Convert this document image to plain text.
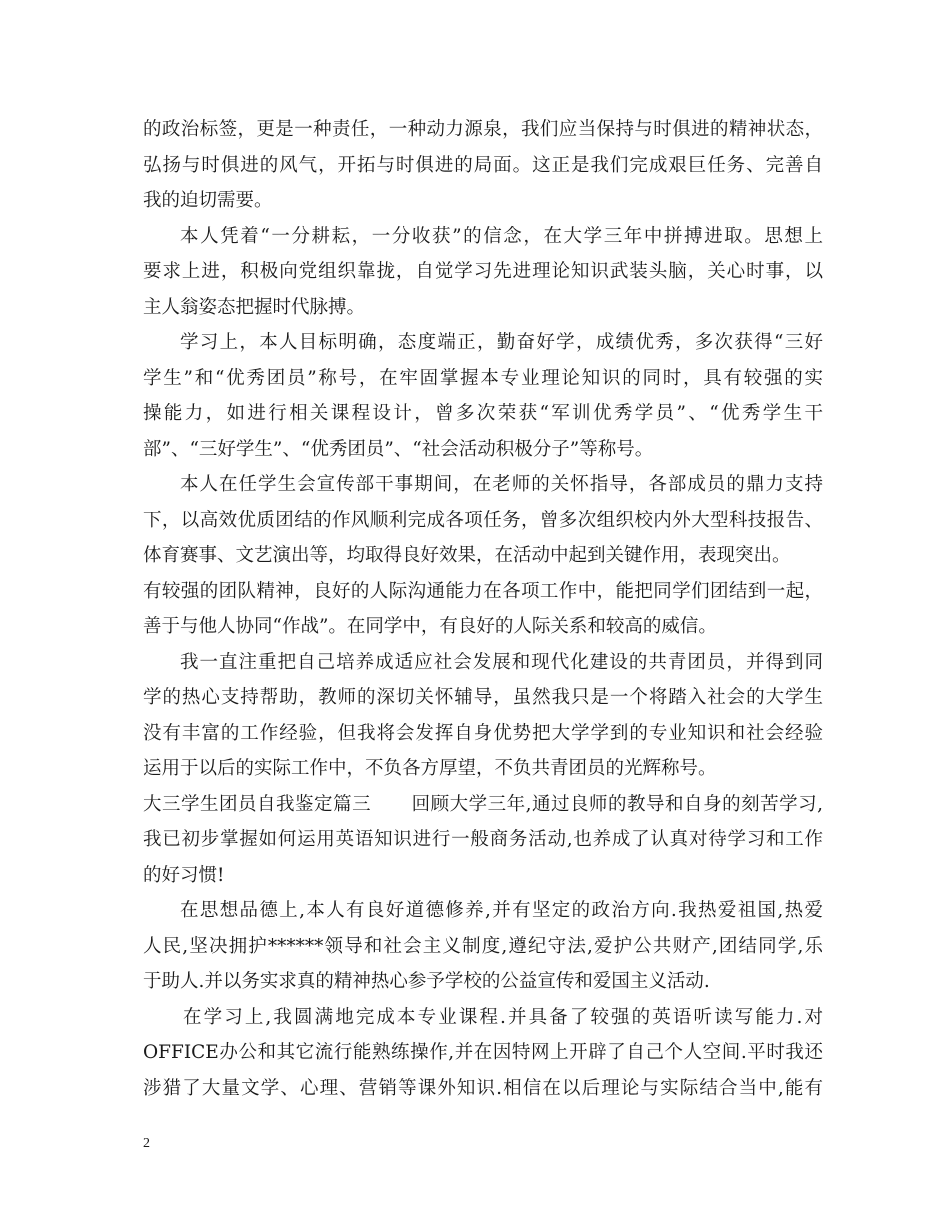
的政治标签，更是一种责任，一种动力源泉，我们应当保持与时俱进的精神状态，
弘扬与时俱进的风气，开拓与时俱进的局面。这正是我们完成艰巨任务、完善自
我的迫切需要。
本人凭着“一分耕耘，一分收获”的信念，在大学三年中拼搏进取。思想上
要求上进，积极向党组织靠拢，自觉学习先进理论知识武装头脑，关心时事，以
主人翁姿态把握时代脉搏。
学习上，本人目标明确，态度端正，勤奋好学，成绩优秀，多次获得“三好
学生”和“优秀团员”称号，在牢固掌握本专业理论知识的同时，具有较强的实
操能力，如进行相关课程设计，曾多次荣获“军训优秀学员”、“优秀学生干
部”、“三好学生”、“优秀团员”、“社会活动积极分子”等称号。
本人在任学生会宣传部干事期间，在老师的关怀指导，各部成员的鼎力支持
下，以高效优质团结的作风顺利完成各项任务，曾多次组织校内外大型科技报告、
体育赛事、文艺演出等，均取得良好效果，在活动中起到关键作用，表现突出。
有较强的团队精神，良好的人际沟通能力在各项工作中，能把同学们团结到一起，
善于与他人协同“作战”。在同学中，有良好的人际关系和较高的威信。
我一直注重把自己培养成适应社会发展和现代化建设的共青团员，并得到同
学的热心支持帮助，教师的深切关怀辅导，虽然我只是一个将踏入社会的大学生
没有丰富的工作经验，但我将会发挥自身优势把大学学到的专业知识和社会经验
运用于以后的实际工作中，不负各方厚望，不负共青团员的光辉称号。
大三学生团员自我鉴定篇三 回顾大学三年,通过良师的教导和自身的刻苦学习,
我已初步掌握如何运用英语知识进行一般商务活动,也养成了认真对待学习和工作
的好习惯!
在思想品德上,本人有良好道德修养,并有坚定的政治方向.我热爱祖国,热爱
人民,坚决拥护******领导和社会主义制度,遵纪守法,爱护公共财产,团结同学,乐
于助人.并以务实求真的精神热心参予学校的公益宣传和爱国主义活动.
在学习上,我圆满地完成本专业课程.并具备了较强的英语听读写能力.对
OFFICE办公和其它流行能熟练操作,并在因特网上开辟了自己个人空间.平时我还
涉猎了大量文学、心理、营销等课外知识.相信在以后理论与实际结合当中,能有
2
